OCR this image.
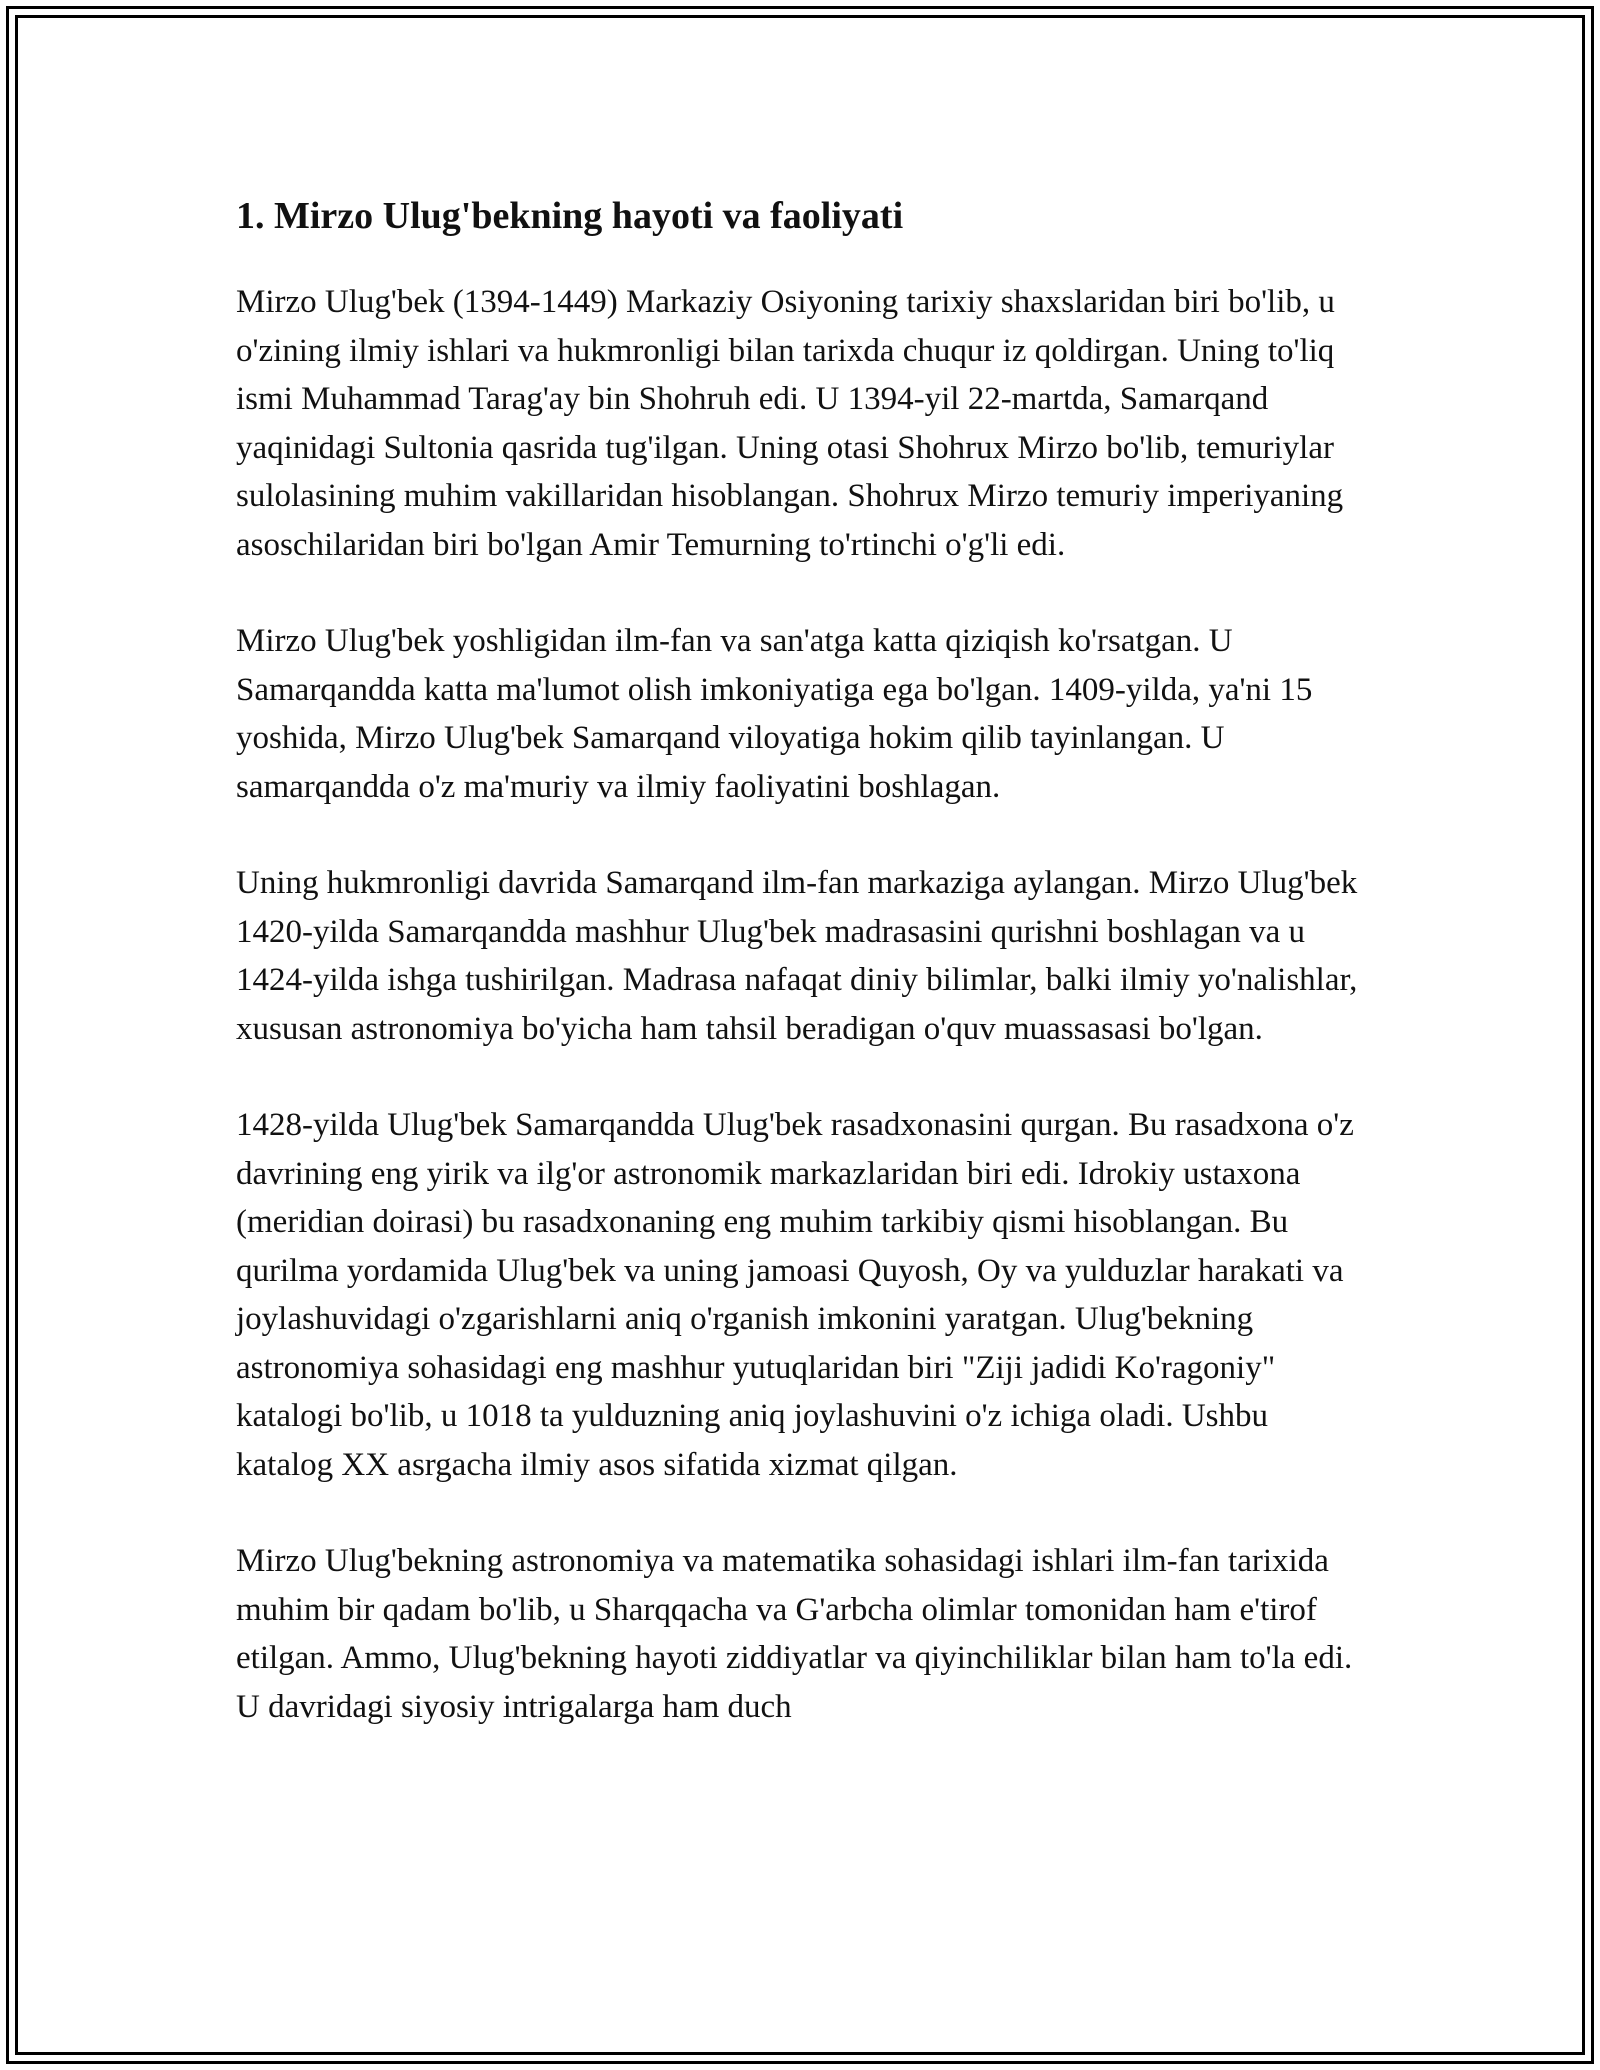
1. Mirzo Ulug'bekning hayoti va faoliyati

Mirzo Ulug'bek (1394-1449) Markaziy Osiyoning tarixiy shaxslaridan biri bo'lib, u o'zining ilmiy ishlari va hukmronligi bilan tarixda chuqur iz qoldirgan. Uning to'liq ismi Muhammad Tarag'ay bin Shohruh edi. U 1394-yil 22-martda, Samarqand yaqinidagi Sultonia qasrida tug'ilgan. Uning otasi Shohrux Mirzo bo'lib, temuriylar sulolasining muhim vakillaridan hisoblangan. Shohrux Mirzo temuriy imperiyaning asoschilaridan biri bo'lgan Amir Temurning to'rtinchi o'g'li edi.

Mirzo Ulug'bek yoshligidan ilm-fan va san'atga katta qiziqish ko'rsatgan. U Samarqandda katta ma'lumot olish imkoniyatiga ega bo'lgan. 1409-yilda, ya'ni 15 yoshida, Mirzo Ulug'bek Samarqand viloyatiga hokim qilib tayinlangan. U samarqandda o'z ma'muriy va ilmiy faoliyatini boshlagan.

Uning hukmronligi davrida Samarqand ilm-fan markaziga aylangan. Mirzo Ulug'bek 1420-yilda Samarqandda mashhur Ulug'bek madrasasini qurishni boshlagan va u 1424-yilda ishga tushirilgan. Madrasa nafaqat diniy bilimlar, balki ilmiy yo'nalishlar, xususan astronomiya bo'yicha ham tahsil beradigan o'quv muassasasi bo'lgan.

1428-yilda Ulug'bek Samarqandda Ulug'bek rasadxonasini qurgan. Bu rasadxona o'z davrining eng yirik va ilg'or astronomik markazlaridan biri edi. Idrokiy ustaxona (meridian doirasi) bu rasadxonaning eng muhim tarkibiy qismi hisoblangan. Bu qurilma yordamida Ulug'bek va uning jamoasi Quyosh, Oy va yulduzlar harakati va joylashuvidagi o'zgarishlarni aniq o'rganish imkonini yaratgan. Ulug'bekning astronomiya sohasidagi eng mashhur yutuqlaridan biri "Ziji jadidi Ko'ragoniy" katalogi bo'lib, u 1018 ta yulduzning aniq joylashuvini o'z ichiga oladi. Ushbu katalog XX asrgacha ilmiy asos sifatida xizmat qilgan.

Mirzo Ulug'bekning astronomiya va matematika sohasidagi ishlari ilm-fan tarixida muhim bir qadam bo'lib, u Sharqqacha va G'arbcha olimlar tomonidan ham e'tirof etilgan. Ammo, Ulug'bekning hayoti ziddiyatlar va qiyinchiliklar bilan ham to'la edi. U davridagi siyosiy intrigalarga ham duch
